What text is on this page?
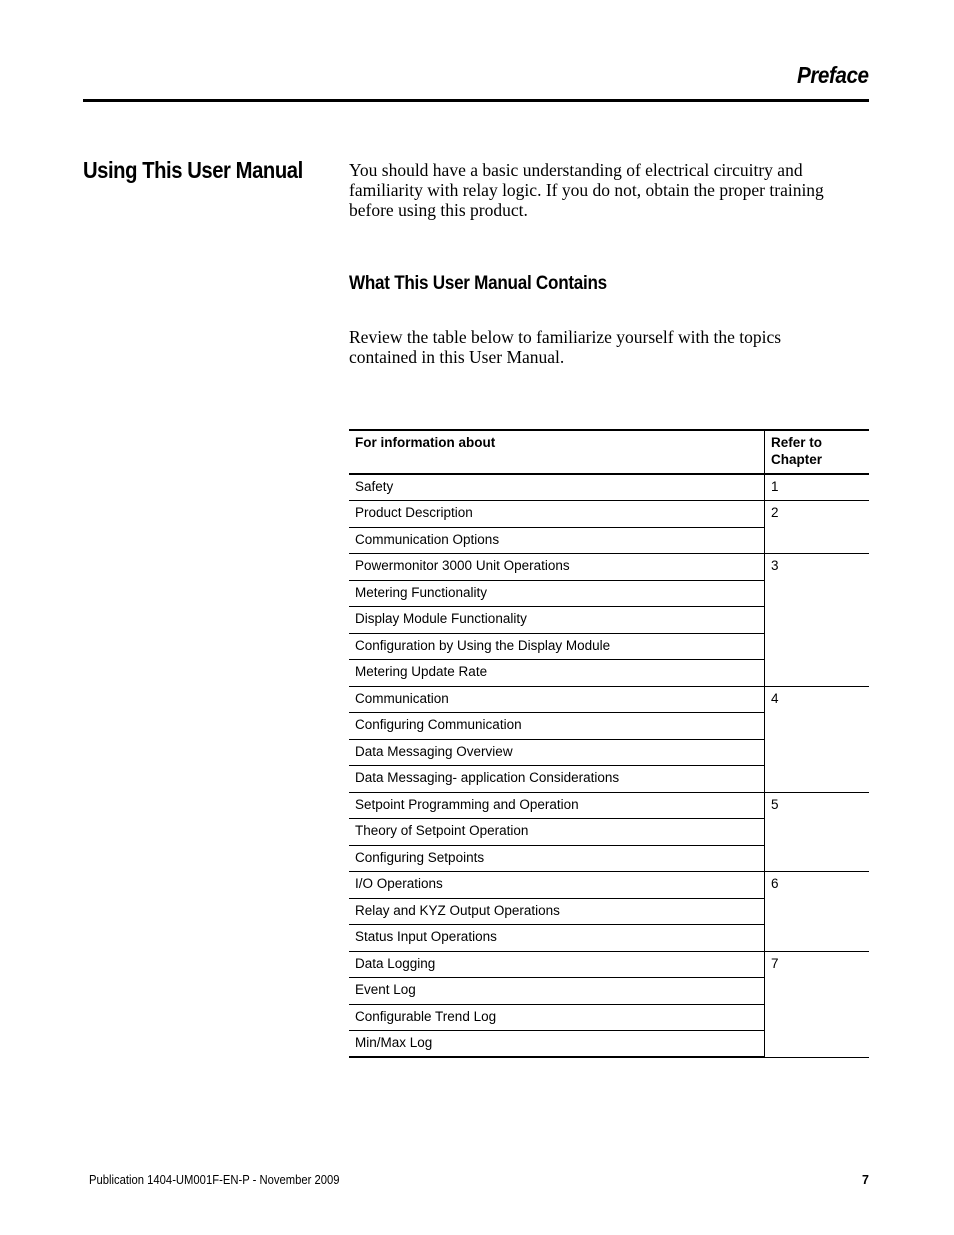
Preface
Using This User Manual	You should have a basic understanding of electrical circuitry and familiarity with relay logic. If you do not, obtain the proper training before using this product.
What This User Manual Contains
Review the table below to familiarize yourself with the topics contained in this User Manual.
For information about	Refer to Chapter
Safety	1
Product Description	2
Communication Options	
Powermonitor 3000 Unit Operations	3
Metering Functionality	
Display Module Functionality	
Configuration by Using the Display Module	
Metering Update Rate	
Communication	4
Configuring Communication	
Data Messaging Overview	
Data Messaging- application Considerations	
Setpoint Programming and Operation	5
Theory of Setpoint Operation	
Configuring Setpoints	
I/O Operations	6
Relay and KYZ Output Operations	
Status Input Operations	
Data Logging	7
Event Log	
Configurable Trend Log	
Min/Max Log	
Publication 1404-UM001F-EN-P - November 2009	7
